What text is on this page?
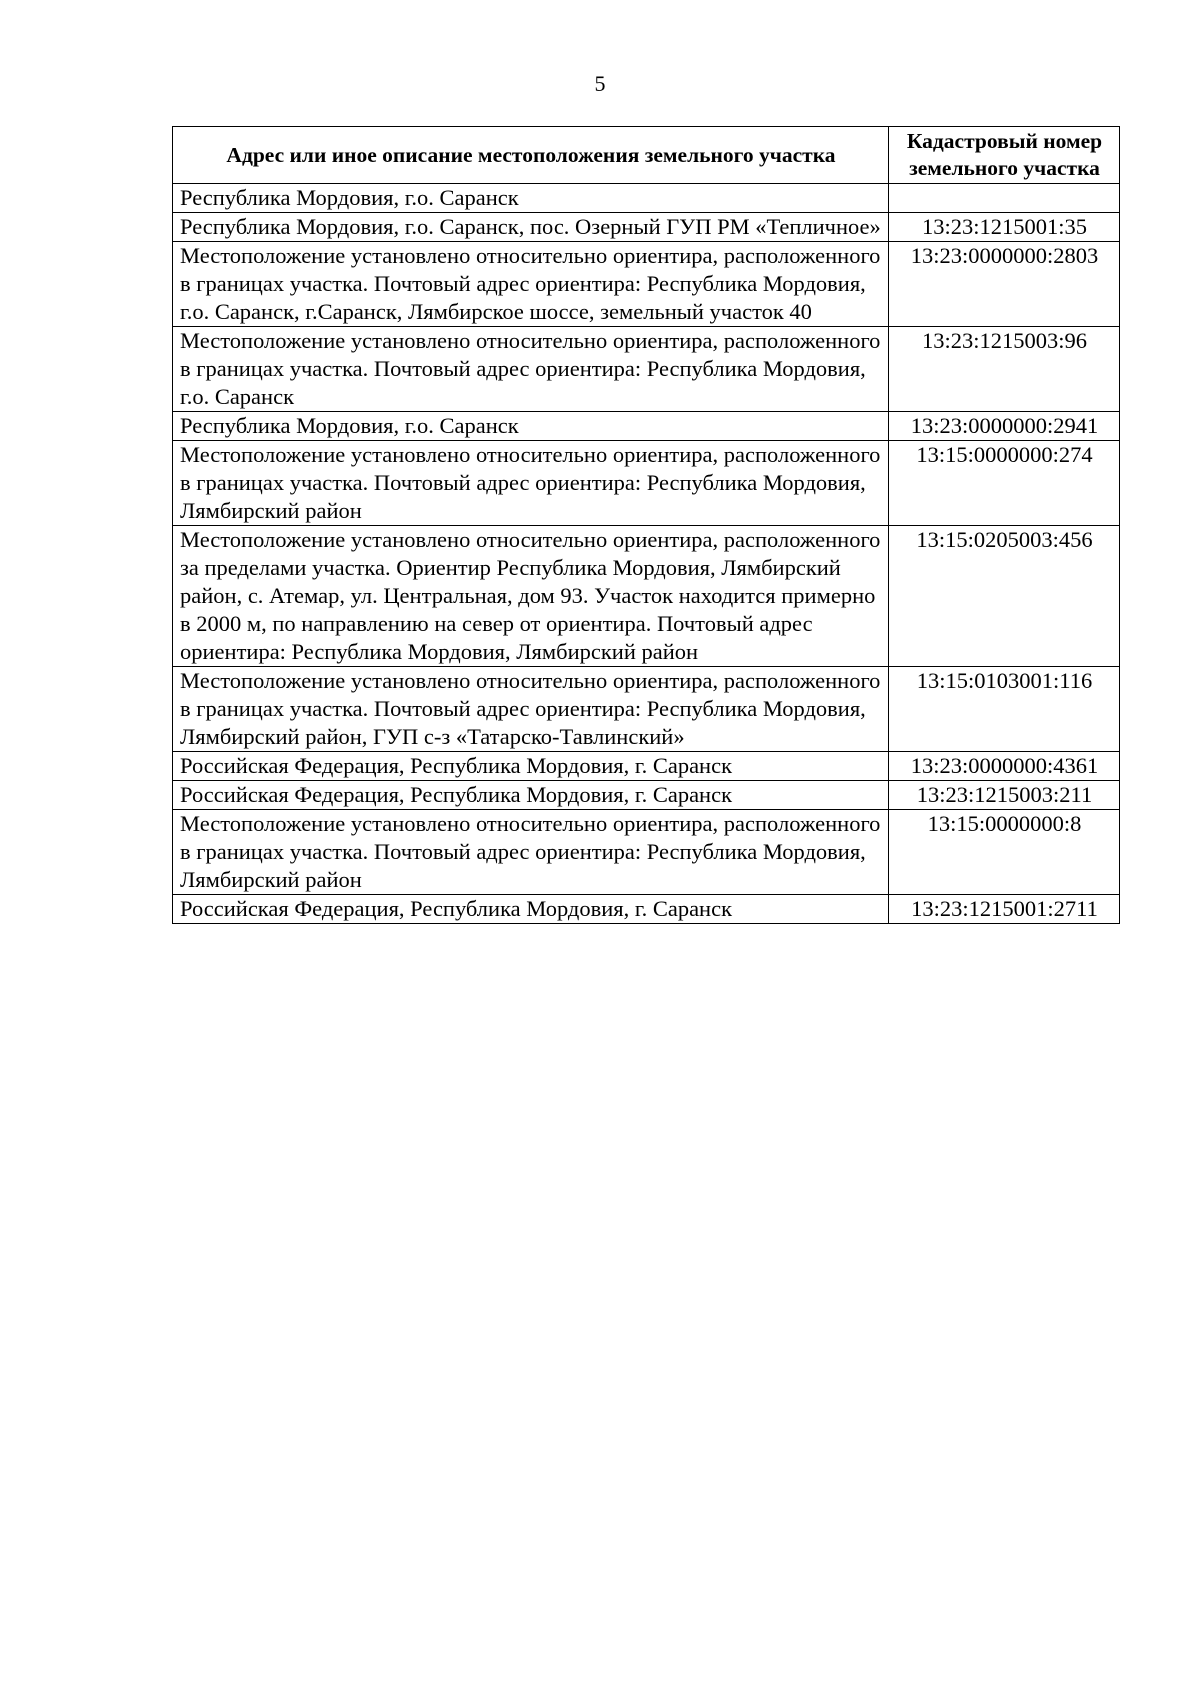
5
Адрес или иное описание местоположения земельного участка	Кадастровый номер земельного участка
Республика Мордовия, г.о. Саранск	
Республика Мордовия, г.о. Саранск, пос. Озерный ГУП РМ «Тепличное»	13:23:1215001:35
Местоположение установлено относительно ориентира, расположенного в границах участка. Почтовый адрес ориентира: Республика Мордовия, г.о. Саранск, г.Саранск, Лямбирское шоссе, земельный участок 40	13:23:0000000:2803
Местоположение установлено относительно ориентира, расположенного в границах участка. Почтовый адрес ориентира: Республика Мордовия, г.о. Саранск	13:23:1215003:96
Республика Мордовия, г.о. Саранск	13:23:0000000:2941
Местоположение установлено относительно ориентира, расположенного в границах участка. Почтовый адрес ориентира: Республика Мордовия, Лямбирский район	13:15:0000000:274
Местоположение установлено относительно ориентира, расположенного за пределами участка. Ориентир Республика Мордовия, Лямбирский район, с. Атемар, ул. Центральная, дом 93. Участок находится примерно в 2000 м, по направлению на север от ориентира. Почтовый адрес ориентира: Республика Мордовия, Лямбирский район	13:15:0205003:456
Местоположение установлено относительно ориентира, расположенного в границах участка. Почтовый адрес ориентира: Республика Мордовия, Лямбирский район, ГУП с-з «Татарско-Тавлинский»	13:15:0103001:116
Российская Федерация, Республика Мордовия, г. Саранск	13:23:0000000:4361
Российская Федерация, Республика Мордовия, г. Саранск	13:23:1215003:211
Местоположение установлено относительно ориентира, расположенного в границах участка. Почтовый адрес ориентира: Республика Мордовия, Лямбирский район	13:15:0000000:8
Российская Федерация, Республика Мордовия, г. Саранск	13:23:1215001:2711
